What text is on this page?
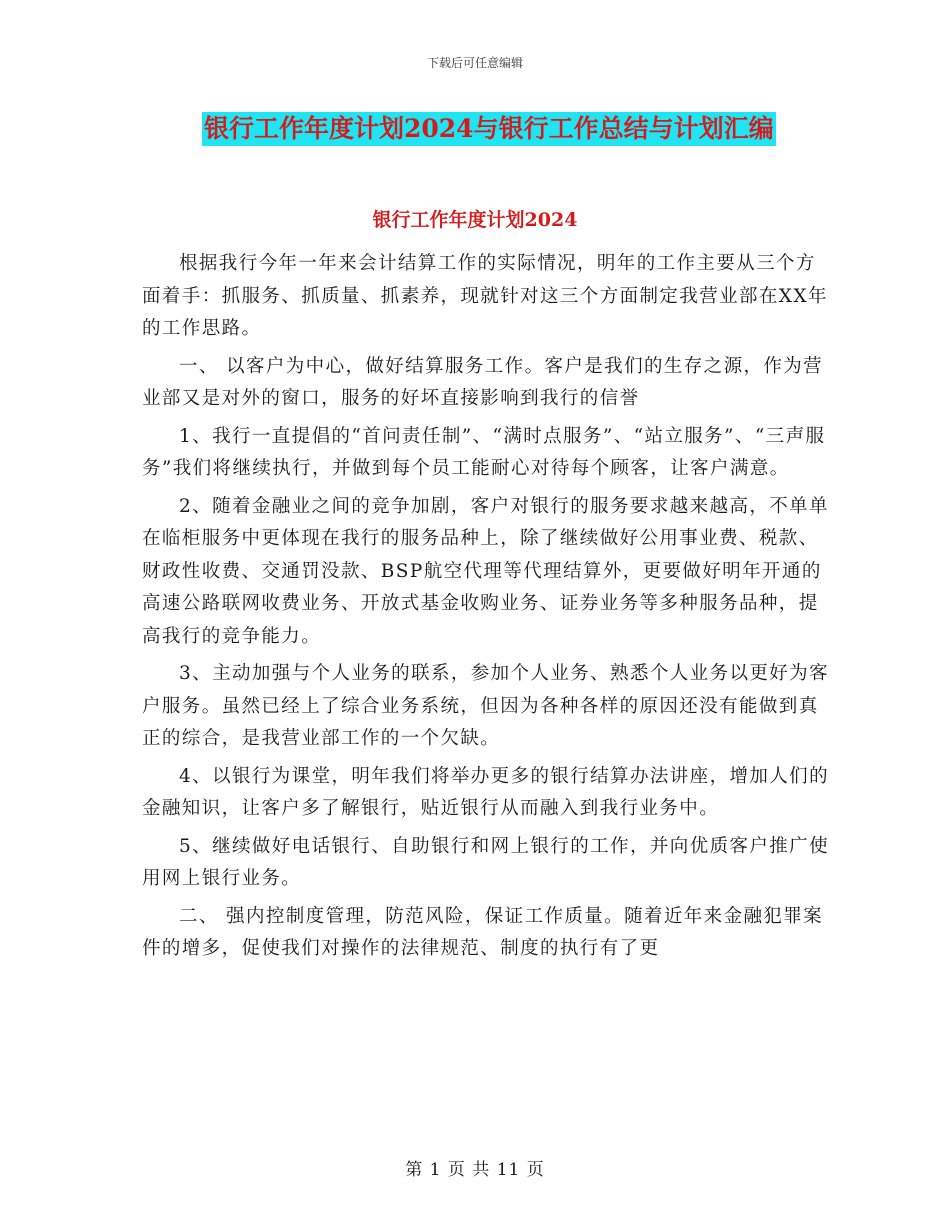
下载后可任意编辑
银行工作年度计划2024与银行工作总结与计划汇编
银行工作年度计划2024

根据我行今年一年来会计结算工作的实际情况，明年的工作主要从三个方面着手：抓服务、抓质量、抓素养，现就针对这三个方面制定我营业部在XX年的工作思路。

一、 以客户为中心，做好结算服务工作。客户是我们的生存之源，作为营业部又是对外的窗口，服务的好坏直接影响到我行的信誉

1、我行一直提倡的“首问责任制”、“满时点服务”、“站立服务”、“三声服务”我们将继续执行，并做到每个员工能耐心对待每个顾客，让客户满意。

2、随着金融业之间的竞争加剧，客户对银行的服务要求越来越高，不单单在临柜服务中更体现在我行的服务品种上，除了继续做好公用事业费、税款、财政性收费、交通罚没款、BSP航空代理等代理结算外，更要做好明年开通的高速公路联网收费业务、开放式基金收购业务、证券业务等多种服务品种，提高我行的竞争能力。

3、主动加强与个人业务的联系，参加个人业务、熟悉个人业务以更好为客户服务。虽然已经上了综合业务系统，但因为各种各样的原因还没有能做到真正的综合，是我营业部工作的一个欠缺。

4、以银行为课堂，明年我们将举办更多的银行结算办法讲座，增加人们的金融知识，让客户多了解银行，贴近银行从而融入到我行业务中。

5、继续做好电话银行、自助银行和网上银行的工作，并向优质客户推广使用网上银行业务。

二、 强内控制度管理，防范风险，保证工作质量。随着近年来金融犯罪案件的增多，促使我们对操作的法律规范、制度的执行有了更

第 1 页 共 11 页
